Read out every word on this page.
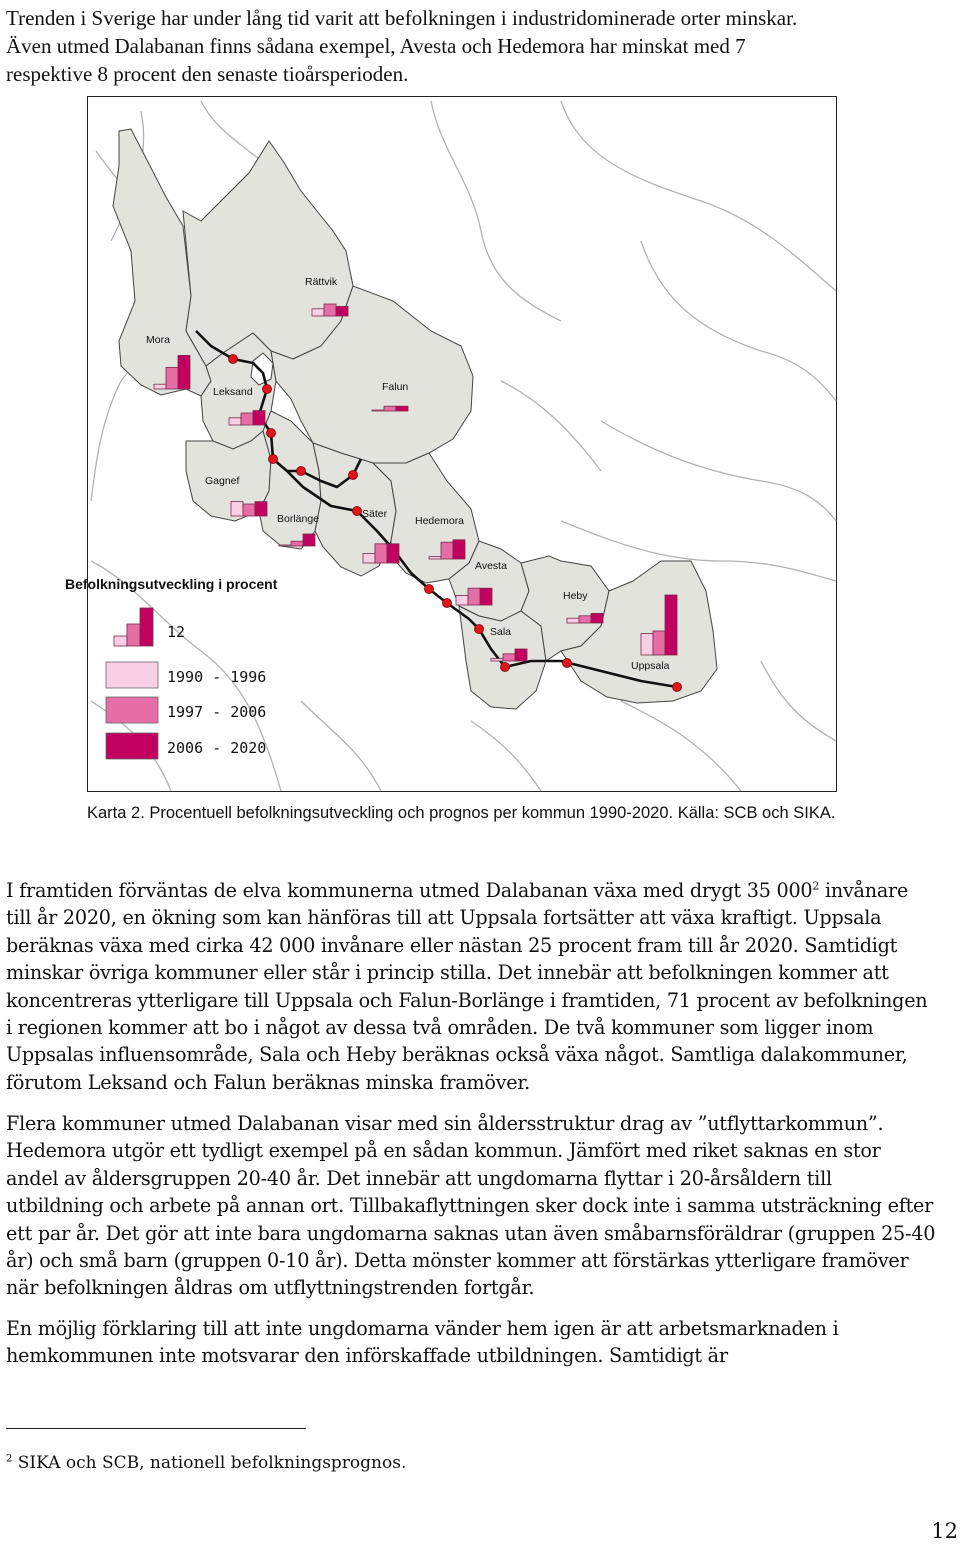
Trenden i Sverige har under lång tid varit att befolkningen i industridominerade orter minskar.
Även utmed Dalabanan finns sådana exempel, Avesta och Hedemora har minskat med 7
respektive 8 procent den senaste tioårsperioden.
Mora
Rättvik
Leksand	Falun
Gagnef
Borlänge	Säter
Hedemora
Avesta
Heby
Sala
Uppsala
Befolkningsutveckling i procent
12
1990 - 1996
1997 - 2006
2006 - 2020
Karta 2. Procentuell befolkningsutveckling och prognos per kommun 1990-2020. Källa: SCB och SIKA.
I framtiden förväntas de elva kommunerna utmed Dalabanan växa med drygt 35 $000^2$ invånare
till år 2020, en ökning som kan hänföras till att Uppsala fortsätter att växa kraftigt. Uppsala
beräknas växa med cirka 42 000 invånare eller nästan 25 procent fram till år 2020. Samtidigt
minskar övriga kommuner eller står i princip stilla. Det innebär att befolkningen kommer att
koncentreras ytterligare till Uppsala och Falun-Borlänge i framtiden, 71 procent av befolkningen
i regionen kommer att bo i något av dessa två områden. De två kommuner som ligger inom
Uppsalas influensområde, Sala och Heby beräknas också växa något. Samtliga dalakommuner,
förutom Leksand och Falun beräknas minska framöver.
Flera kommuner utmed Dalabanan visar med sin åldersstruktur drag av ”utflyttarkommun”.
Hedemora utgör ett tydligt exempel på en sådan kommun. Jämfört med riket saknas en stor
andel av åldersgruppen 20-40 år. Det innebär att ungdomarna flyttar i 20-årsåldern till
utbildning och arbete på annan ort. Tillbakaflyttningen sker dock inte i samma utsträckning efter
ett par år. Det gör att inte bara ungdomarna saknas utan även småbarnsföräldrar (gruppen 25-40
år) och små barn (gruppen 0-10 år). Detta mönster kommer att förstärkas ytterligare framöver
när befolkningen åldras om utflyttningstrenden fortgår.
En möjlig förklaring till att inte ungdomarna vänder hem igen är att arbetsmarknaden i
hemkommunen inte motsvarar den införskaffade utbildningen. Samtidigt är
$^2$ SIKA och SCB, nationell befolkningsprognos.
12
